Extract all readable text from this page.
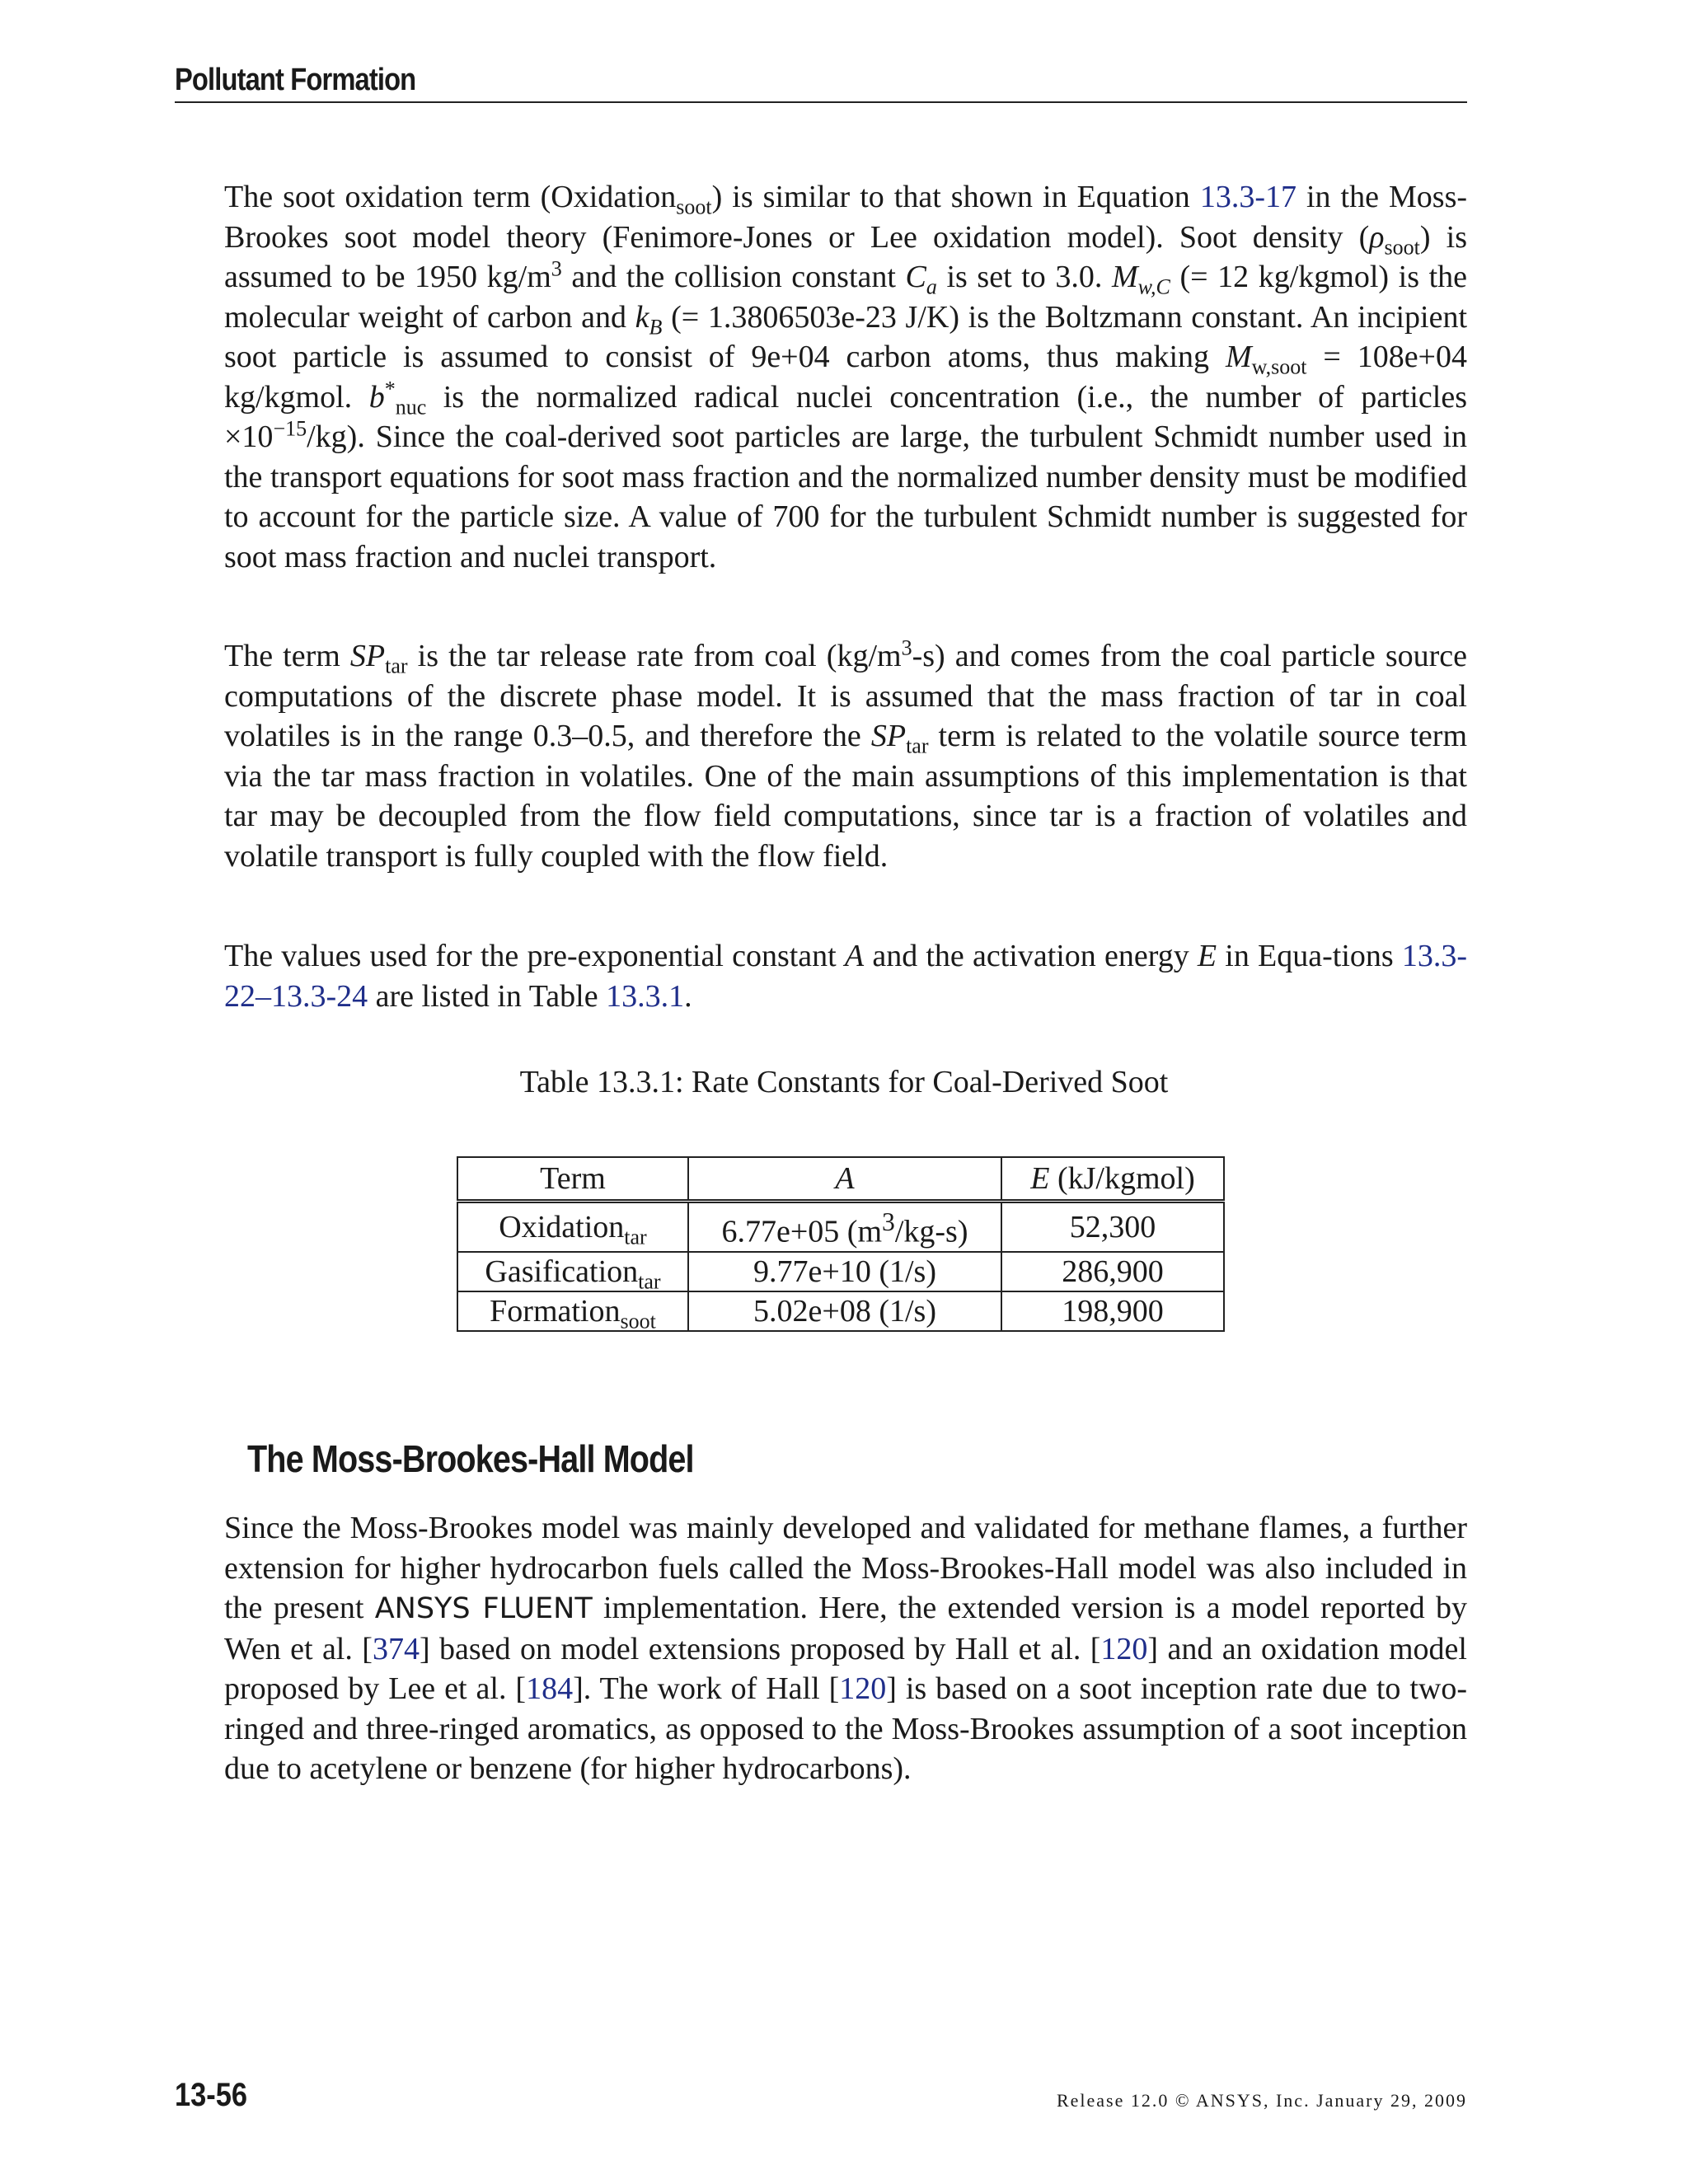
Pollutant Formation
The soot oxidation term (Oxidation$_{soot}$) is similar to that shown in Equation 13.3-17 in the Moss-Brookes soot model theory (Fenimore-Jones or Lee oxidation model). Soot density $(\rho_{soot})$ is assumed to be 1950 $kg/m^3$ and the collision constant $C_a$ is set to 3.0. $M_{w,C}$ (= 12 kg/kgmol) is the molecular weight of carbon and $k_B$ (= 1.3806503e-23 J/K) is the Boltzmann constant. An incipient soot particle is assumed to consist of 9e+04 carbon atoms, thus making $M_{w,soot} = 108e+04$ kg/kgmol. $b^*_{nuc}$ is the normalized radical nuclei concentration (i.e., the number of particles $\times 10^{-15}/kg$). Since the coal-derived soot particles are large, the turbulent Schmidt number used in the transport equations for soot mass fraction and the normalized number density must be modified to account for the particle size. A value of 700 for the turbulent Schmidt number is suggested for soot mass fraction and nuclei transport.
The term $SP_{tar}$ is the tar release rate from coal $(kg/m^3-s)$ and comes from the coal particle source computations of the discrete phase model. It is assumed that the mass fraction of tar in coal volatiles is in the range 0.3–0.5, and therefore the $SP_{tar}$ term is related to the volatile source term via the tar mass fraction in volatiles. One of the main assumptions of this implementation is that tar may be decoupled from the flow field computations, since tar is a fraction of volatiles and volatile transport is fully coupled with the flow field.
The values used for the pre-exponential constant A and the activation energy E in Equa-tions 13.3-22–13.3-24 are listed in Table 13.3.1.
Table 13.3.1: Rate Constants for Coal-Derived Soot
Term	A	E (kJ/kgmol)
Oxidation$_{tar}$	6.77e+05 $(m^3/kg-s)$	52,300
Gasification$_{tar}$	9.77e+10 (1/s)	286,900
Formation$_{soot}$	5.02e+08 (1/s)	198,900
The Moss-Brookes-Hall Model
Since the Moss-Brookes model was mainly developed and validated for methane flames, a further extension for higher hydrocarbon fuels called the Moss-Brookes-Hall model was also included in the present ANSYS FLUENT implementation. Here, the extended version is a model reported by Wen et al. [374] based on model extensions proposed by Hall et al. [120] and an oxidation model proposed by Lee et al. [184]. The work of Hall [120] is based on a soot inception rate due to two-ringed and three-ringed aromatics, as opposed to the Moss-Brookes assumption of a soot inception due to acetylene or benzene (for higher hydrocarbons).
13-56	Release 12.0 © ANSYS, Inc. January 29, 2009
